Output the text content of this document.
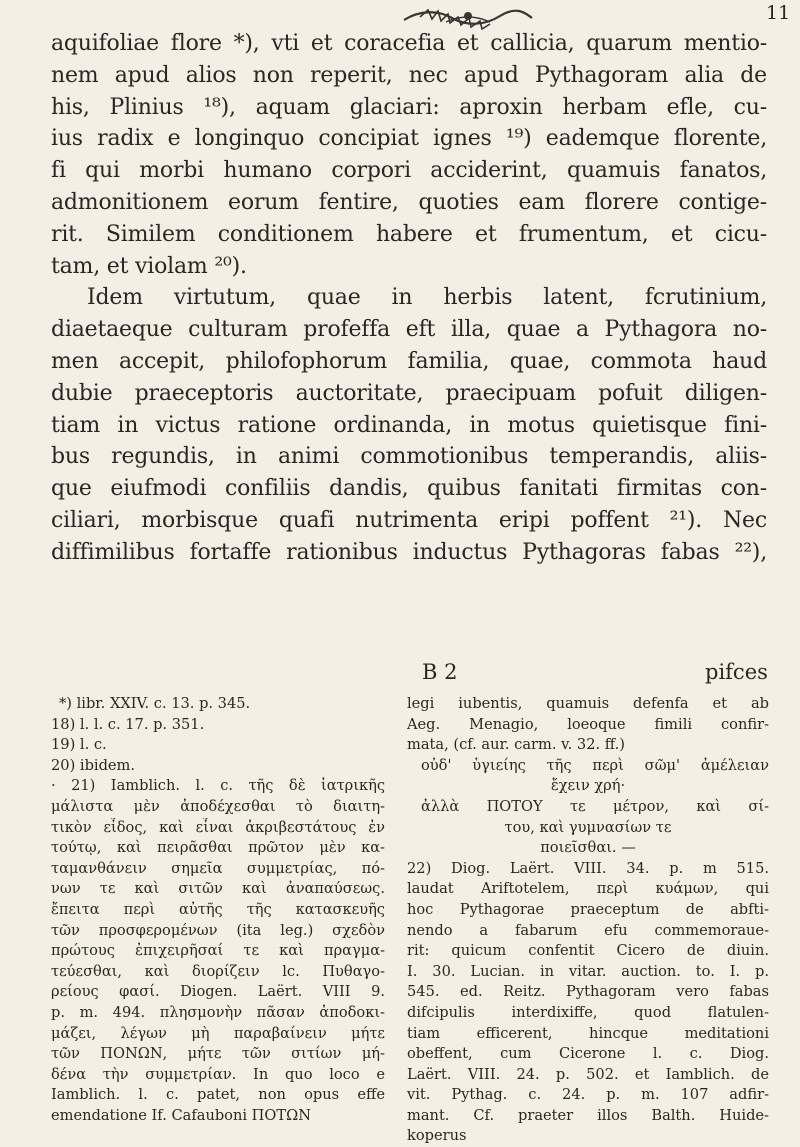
11
aquifoliae flore *), vti et coracefia et callicia, quarum mentio-
nem apud alios non reperit, nec apud Pythagoram alia de
his, Plinius ¹⁸), aquam glaciari: aproxin herbam efle, cu-
ius radix e longinquo concipiat ignes ¹⁹) eademque florente,
fi qui morbi humano corpori acciderint, quamuis fanatos,
admonitionem eorum fentire, quoties eam florere contige-
rit. Similem conditionem habere et frumentum, et cicu-
tam, et violam ²⁰).
Idem virtutum, quae in herbis latent, fcrutinium,
diaetaeque culturam profeffa eft illa, quae a Pythagora no-
men accepit, philofophorum familia, quae, commota haud
dubie praeceptoris auctoritate, praecipuam pofuit diligen-
tiam in victus ratione ordinanda, in motus quietisque fini-
bus regundis, in animi commotionibus temperandis, aliis-
que eiufmodi confiliis dandis, quibus fanitati firmitas con-
ciliari, morbisque quafi nutrimenta eripi poffent ²¹). Nec
diffimilibus fortaffe rationibus inductus Pythagoras fabas ²²),
B 2	pifces
*) libr. XXIV. c. 13. p. 345.
18) l. l. c. 17. p. 351.
19) l. c.
20) ibidem.
· 21) Iamblich. l. c. τῆς δὲ ἰατρικῆς
μάλιστα μὲν ἀποδέχεσθαι τὸ διαιτη-
τικὸν εἶδος, καὶ εἶναι ἀκριβεστάτους ἐν
τούτῳ, καὶ πειρᾶσθαι πρῶτον μὲν κα-
ταμανθάνειν σημεῖα συμμετρίας, πό-
νων τε καὶ σιτῶν καὶ ἀναπαύσεως.
ἔπειτα περὶ αὐτῆς τῆς κατασκευῆς
τῶν προσφερομένων (ita leg.) σχεδὸν
πρώτους ἐπιχειρῆσαί τε καὶ πραγμα-
τεύεσθαι, καὶ διορίζειν lc. Πυθαγο-
ρείους φασί. Diogen. Laërt. VIII 9.
p. m. 494. πλησμονὴν πᾶσαν ἀποδοκι-
μάζει, λέγων μὴ παραβαίνειν μήτε
τῶν ΠΟΝΩΝ, μήτε τῶν σιτίων μή-
δένα τὴν συμμετρίαν. In quo loco e
Iamblich. l. c. patet, non opus effe
emendatione If. Cafauboni ΠΟΤΩΝ
legi iubentis, quamuis defenfa et ab
Aeg. Menagio, loeoque fimili confir-
mata, (cf. aur. carm. v. 32. ff.)
οὐδ' ὑγιείης τῆς περὶ σῶμ' ἀμέλειαν
ἔχειν χρή·
ἀλλὰ ΠΟΤΟΥ τε μέτρον, καὶ σί-
του, καὶ γυμνασίων τε
ποιεῖσθαι. —
22) Diog. Laërt. VIII. 34. p. m 515.
laudat Ariftotelem, περὶ κυάμων, qui
hoc Pythagorae praeceptum de abfti-
nendo a fabarum efu commemoraue-
rit: quicum confentit Cicero de diuin.
I. 30. Lucian. in vitar. auction. to. I. p.
545. ed. Reitz. Pythagoram vero fabas
difcipulis interdixiffe, quod flatulen-
tiam efficerent, hincque meditationi
obeffent, cum Cicerone l. c. Diog.
Laërt. VIII. 24. p. 502. et Iamblich. de
vit. Pythag. c. 24. p. m. 107 adfir-
mant. Cf. praeter illos Balth. Huide-
koperus
